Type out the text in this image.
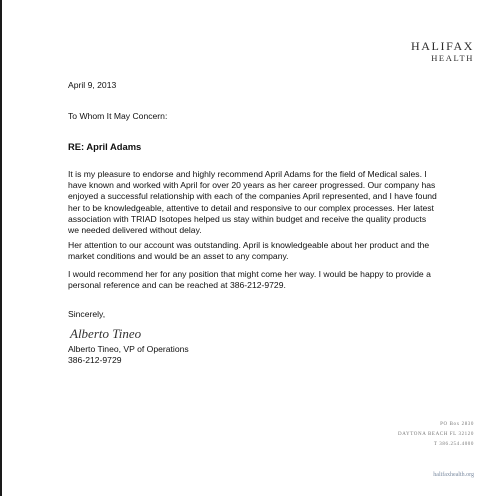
HALIFAX
HEALTH
April 9, 2013
To Whom It May Concern:
RE: April Adams
It is my pleasure to endorse and highly recommend April Adams for the field of Medical sales. I have known and worked with April for over 20 years as her career progressed. Our company has enjoyed a successful relationship with each of the companies April represented, and I have found her to be knowledgeable, attentive to detail and responsive to our complex processes. Her latest association with TRIAD Isotopes helped us stay within budget and receive the quality products we needed delivered without delay.
Her attention to our account was outstanding. April is knowledgeable about her product and the market conditions and would be an asset to any company.
I would recommend her for any position that might come her way. I would be happy to provide a personal reference and can be reached at 386-212-9729.
Sincerely,
Alberto Tineo
Alberto Tineo, VP of Operations
386-212-9729
PO Box 2830
DAYTONA BEACH FL 32120
T 386.254.4000
halifaxhealth.org
